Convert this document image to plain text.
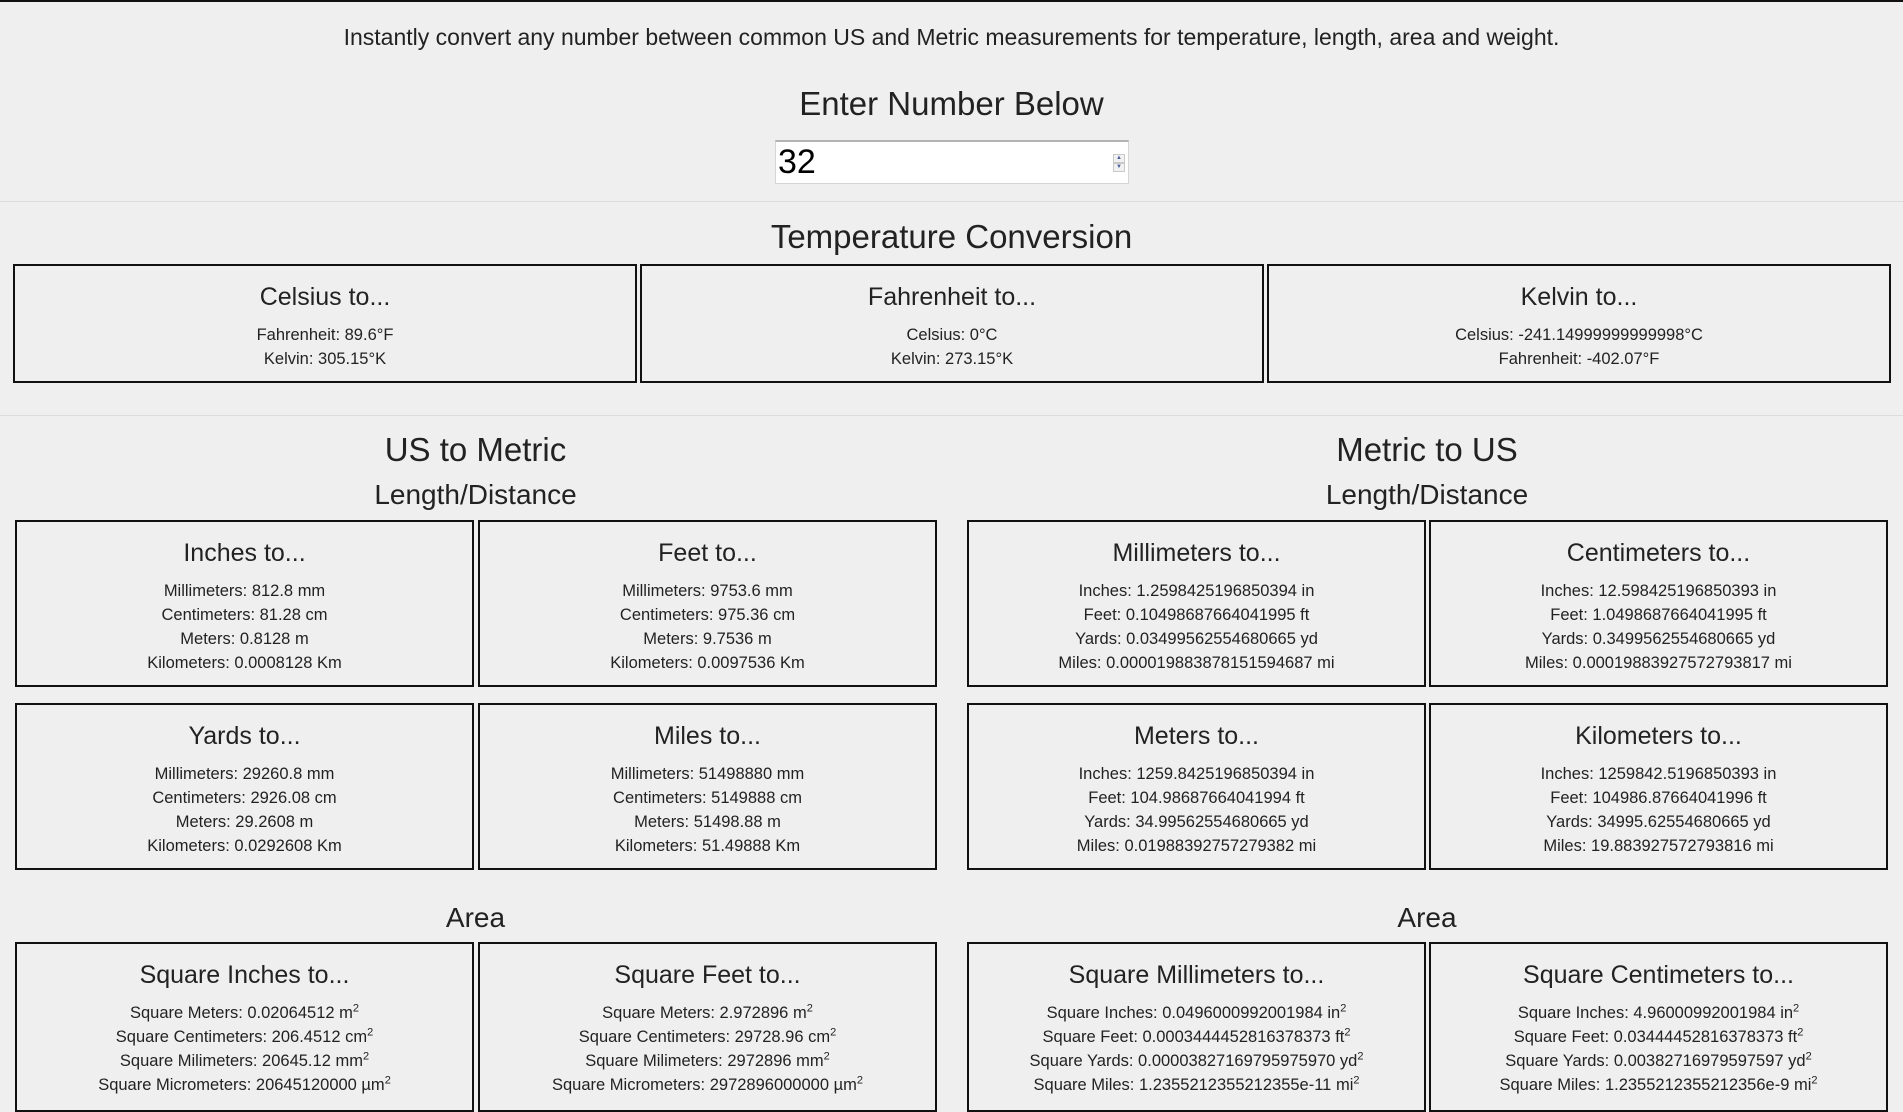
Instantly convert any number between common US and Metric measurements for temperature, length, area and weight.
Enter Number Below
32
▲
▼
Temperature Conversion
Celsius to...
Fahrenheit: 89.6°F
Kelvin: 305.15°K
Fahrenheit to...
Celsius: 0°C
Kelvin: 273.15°K
Kelvin to...
Celsius: -241.14999999999998°C
Fahrenheit: -402.07°F
US to Metric
Length/Distance
Inches to...
Millimeters: 812.8 mm
Centimeters: 81.28 cm
Meters: 0.8128 m
Kilometers: 0.0008128 Km
Feet to...
Millimeters: 9753.6 mm
Centimeters: 975.36 cm
Meters: 9.7536 m
Kilometers: 0.0097536 Km
Yards to...
Millimeters: 29260.8 mm
Centimeters: 2926.08 cm
Meters: 29.2608 m
Kilometers: 0.0292608 Km
Miles to...
Millimeters: 51498880 mm
Centimeters: 5149888 cm
Meters: 51498.88 m
Kilometers: 51.49888 Km
Area
Square Inches to...
Square Meters: 0.02064512 $m^2$
Square Centimeters: 206.4512 $cm^2$
Square Milimeters: 20645.12 $mm^2$
Square Micrometers: 20645120000 µm$^2$
Square Feet to...
Square Meters: 2.972896 $m^2$
Square Centimeters: 29728.96 $cm^2$
Square Milimeters: 2972896 $mm^2$
Square Micrometers: 2972896000000 µm$^2$
Metric to US
Length/Distance
Millimeters to...
Inches: 1.2598425196850394 in
Feet: 0.10498687664041995 ft
Yards: 0.03499562554680665 yd
Miles: 0.000019883878151594687 mi
Centimeters to...
Inches: 12.598425196850393 in
Feet: 1.0498687664041995 ft
Yards: 0.3499562554680665 yd
Miles: 0.00019883927572793817 mi
Meters to...
Inches: 1259.8425196850394 in
Feet: 104.98687664041994 ft
Yards: 34.99562554680665 yd
Miles: 0.01988392757279382 mi
Kilometers to...
Inches: 1259842.5196850393 in
Feet: 104986.87664041996 ft
Yards: 34995.62554680665 yd
Miles: 19.883927572793816 mi
Area
Square Millimeters to...
Square Inches: 0.0496000992001984 $in^2$
Square Feet: 0.0003444452816378373 $ft^2$
Square Yards: 0.00003827169795975970 $yd^2$
Square Miles: 1.2355212355212355e-11 $mi^2$
Square Centimeters to...
Square Inches: 4.96000992001984 $in^2$
Square Feet: 0.03444452816378373 $ft^2$
Square Yards: 0.00382716979597597 $yd^2$
Square Miles: 1.2355212355212356e-9 $mi^2$
